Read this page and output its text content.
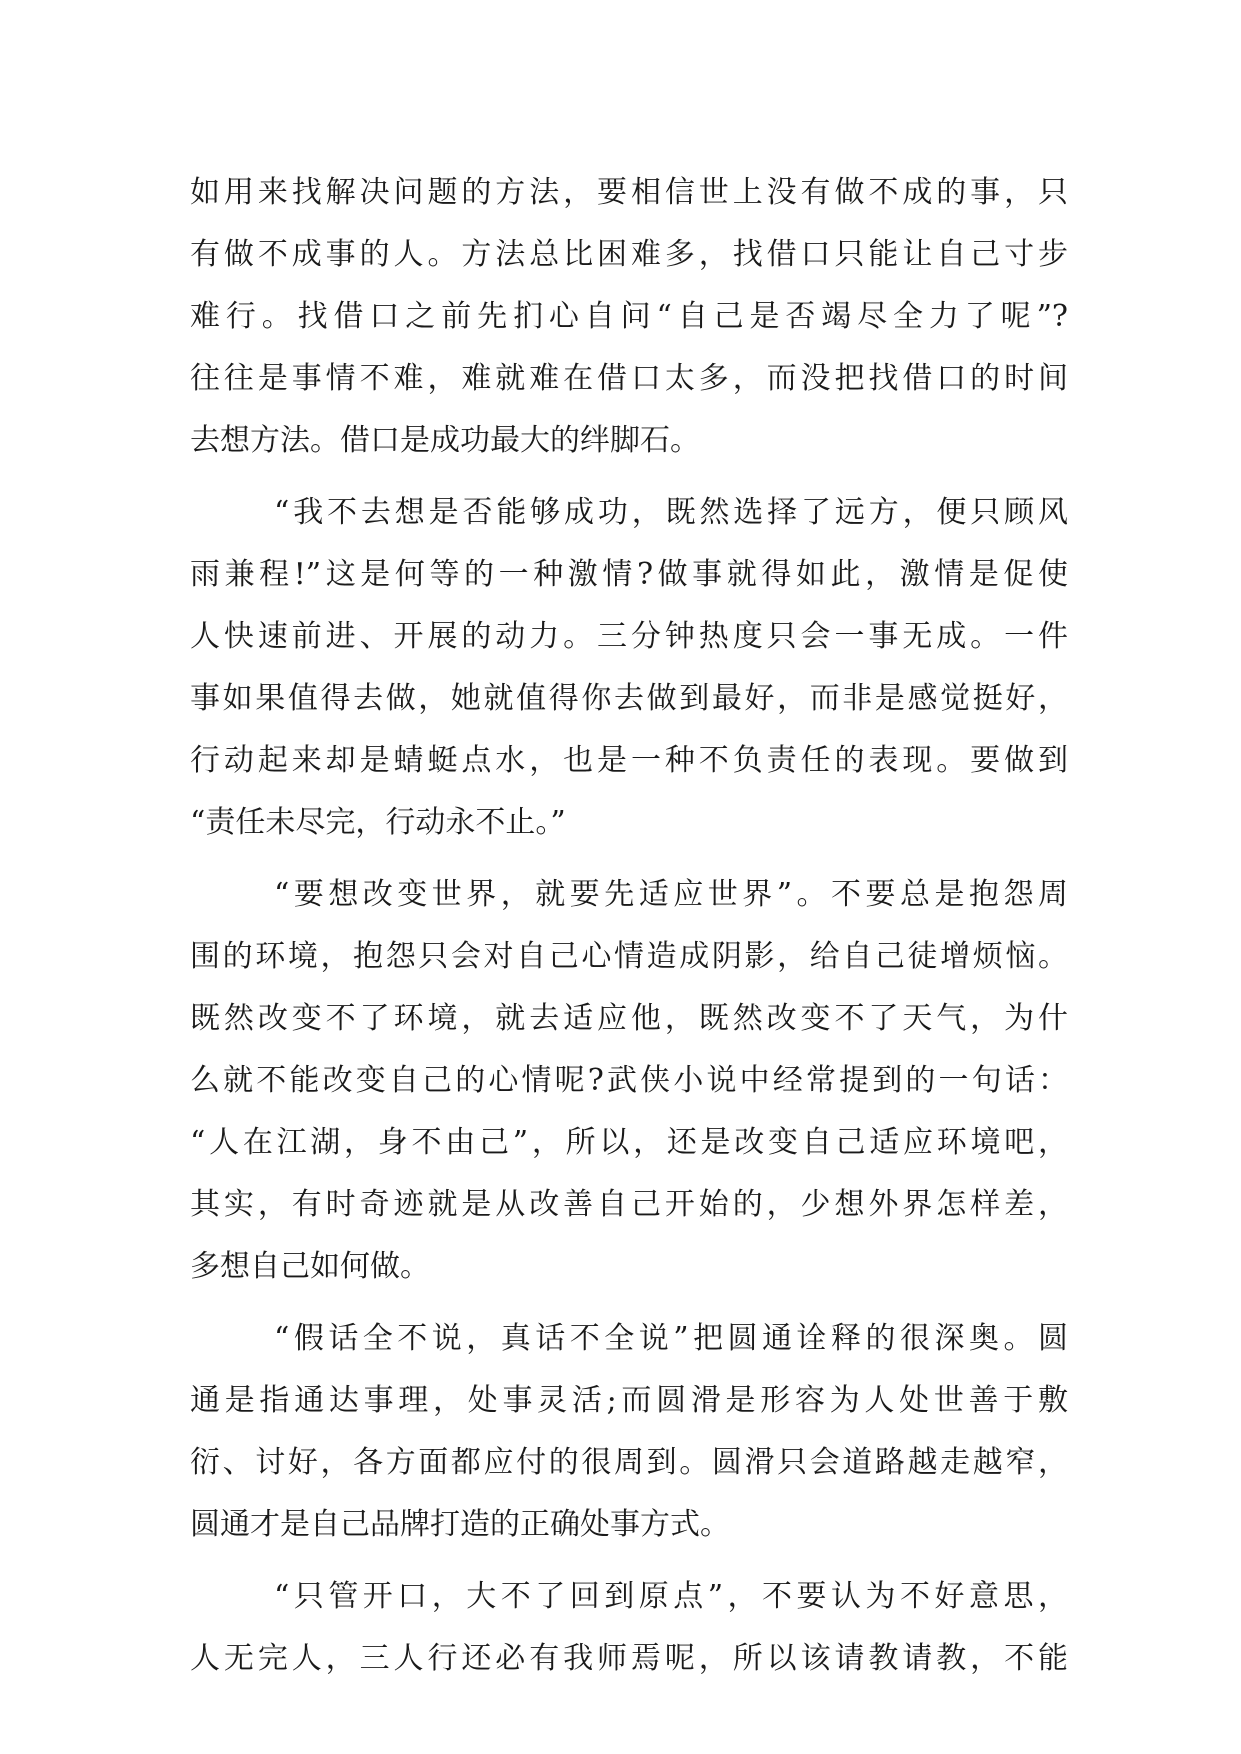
如用来找解决问题的方法，要相信世上没有做不成的事，只
有做不成事的人。方法总比困难多，找借口只能让自己寸步
难行。找借口之前先扪心自问“自己是否竭尽全力了呢”?
往往是事情不难，难就难在借口太多，而没把找借口的时间
去想方法。借口是成功最大的绊脚石。
“我不去想是否能够成功，既然选择了远方，便只顾风
雨兼程!”这是何等的一种激情?做事就得如此，激情是促使
人快速前进、开展的动力。三分钟热度只会一事无成。一件
事如果值得去做，她就值得你去做到最好，而非是感觉挺好，
行动起来却是蜻蜓点水，也是一种不负责任的表现。要做到
“责任未尽完，行动永不止。”
“要想改变世界，就要先适应世界”。不要总是抱怨周
围的环境，抱怨只会对自己心情造成阴影，给自己徒增烦恼。
既然改变不了环境，就去适应他，既然改变不了天气，为什
么就不能改变自己的心情呢?武侠小说中经常提到的一句话：
“人在江湖，身不由己”，所以，还是改变自己适应环境吧，
其实，有时奇迹就是从改善自己开始的，少想外界怎样差，
多想自己如何做。
“假话全不说，真话不全说”把圆通诠释的很深奥。圆
通是指通达事理，处事灵活;而圆滑是形容为人处世善于敷
衍、讨好，各方面都应付的很周到。圆滑只会道路越走越窄，
圆通才是自己品牌打造的正确处事方式。
“只管开口，大不了回到原点”，不要认为不好意思，
人无完人，三人行还必有我师焉呢，所以该请教请教，不能
